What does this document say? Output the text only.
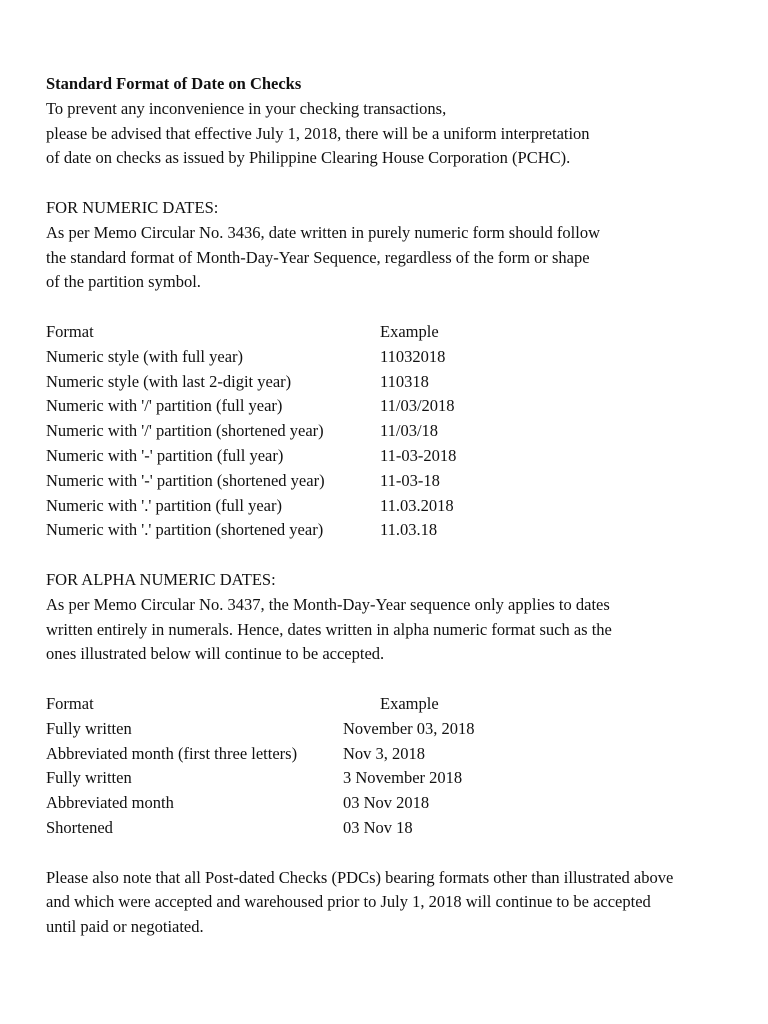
Standard Format of Date on Checks

To prevent any inconvenience in your checking transactions,
please be advised that effective July 1, 2018, there will be a uniform interpretation
of date on checks as issued by Philippine Clearing House Corporation (PCHC).
FOR NUMERIC DATES:
As per Memo Circular No. 3436, date written in purely numeric form should follow
the standard format of Month-Day-Year Sequence, regardless of the form or shape
of the partition symbol.
Format	Example
Numeric style (with full year)	11032018
Numeric style (with last 2-digit year)	110318
Numeric with '/' partition (full year)	11/03/2018
Numeric with '/' partition (shortened year)	11/03/18
Numeric with '-' partition (full year)	11-03-2018
Numeric with '-' partition (shortened year)	11-03-18
Numeric with '.' partition (full year)	11.03.2018
Numeric with '.' partition (shortened year)	11.03.18
FOR ALPHA NUMERIC DATES:
As per Memo Circular No. 3437, the Month-Day-Year sequence only applies to dates
written entirely in numerals. Hence, dates written in alpha numeric format such as the
ones illustrated below will continue to be accepted.
Format	Example
Fully written	November 03, 2018
Abbreviated month (first three letters)	Nov 3, 2018
Fully written	3 November 2018
Abbreviated month	03 Nov 2018
Shortened	03 Nov 18
Please also note that all Post-dated Checks (PDCs) bearing formats other than illustrated above
and which were accepted and warehoused prior to July 1, 2018 will continue to be accepted
until paid or negotiated.
